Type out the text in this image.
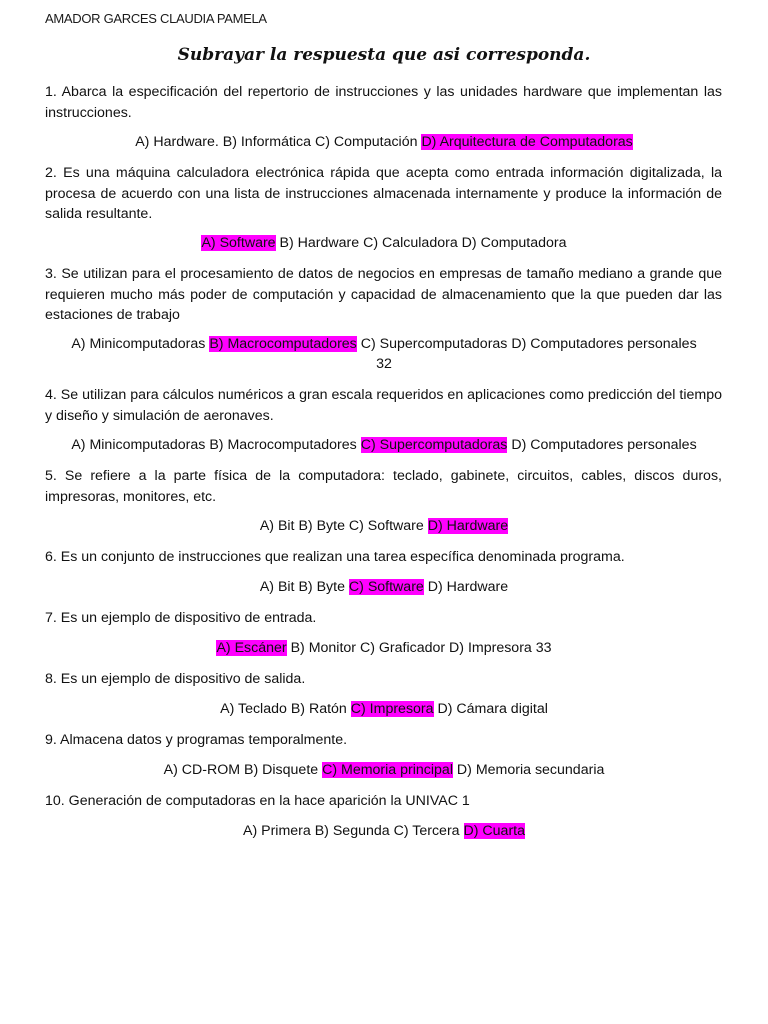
AMADOR GARCES CLAUDIA PAMELA
Subrayar la respuesta que asi corresponda.
1. Abarca la especificación del repertorio de instrucciones y las unidades hardware que implementan las instrucciones.
A) Hardware. B) Informática C) Computación D) Arquitectura de Computadoras
2. Es una máquina calculadora electrónica rápida que acepta como entrada información digitalizada, la procesa de acuerdo con una lista de instrucciones almacenada internamente y produce la información de salida resultante.
A) Software B) Hardware C) Calculadora D) Computadora
3. Se utilizan para el procesamiento de datos de negocios en empresas de tamaño mediano a grande que requieren mucho más poder de computación y capacidad de almacenamiento que la que pueden dar las estaciones de trabajo
A) Minicomputadoras B) Macrocomputadores C) Supercomputadoras D) Computadores personales
32
4. Se utilizan para cálculos numéricos a gran escala requeridos en aplicaciones como predicción del tiempo y diseño y simulación de aeronaves.
A) Minicomputadoras B) Macrocomputadores C) Supercomputadoras D) Computadores personales
5. Se refiere a la parte física de la computadora: teclado, gabinete, circuitos, cables, discos duros, impresoras, monitores, etc.
A) Bit B) Byte C) Software D) Hardware
6. Es un conjunto de instrucciones que realizan una tarea específica denominada programa.
A) Bit B) Byte C) Software D) Hardware
7. Es un ejemplo de dispositivo de entrada.
A) Escáner B) Monitor C) Graficador D) Impresora 33
8. Es un ejemplo de dispositivo de salida.
A) Teclado B) Ratón C) Impresora D) Cámara digital
9. Almacena datos y programas temporalmente.
A) CD-ROM B) Disquete C) Memoria principal D) Memoria secundaria
10. Generación de computadoras en la hace aparición la UNIVAC 1
A) Primera B) Segunda C) Tercera D) Cuarta
